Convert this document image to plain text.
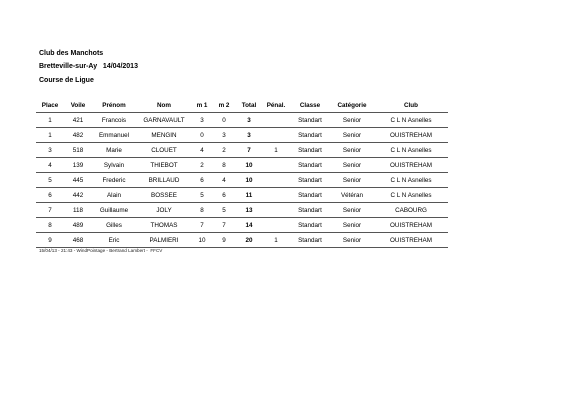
Club des Manchots
Bretteville-sur-Ay   14/04/2013
Course de Ligue
Place	Voile	Prénom	Nom	m 1	m 2	Total	Pénal.	Classe	Catégorie	Club
1	421	Francois	GARNAVAULT	3	0	3		Standart	Senior	C L N Asnelles
1	482	Emmanuel	MENGIN	0	3	3		Standart	Senior	OUISTREHAM
3	518	Marie	CLOUET	4	2	7	1	Standart	Senior	C L N Asnelles
4	139	Sylvain	THIEBOT	2	8	10		Standart	Senior	OUISTREHAM
5	445	Frederic	BRILLAUD	6	4	10		Standart	Senior	C L N Asnelles
6	442	Alain	BOSSEE	5	6	11		Standart	Vétéran	C L N Asnelles
7	118	Guillaume	JOLY	8	5	13		Standart	Senior	CABOURG
8	489	Gilles	THOMAS	7	7	14		Standart	Senior	OUISTREHAM
9	468	Eric	PALMIERI	10	9	20	1	Standart	Senior	OUISTREHAM
15/04/13 - 21:43 - WindPointage - Bertrand Lambert -  FFCV
